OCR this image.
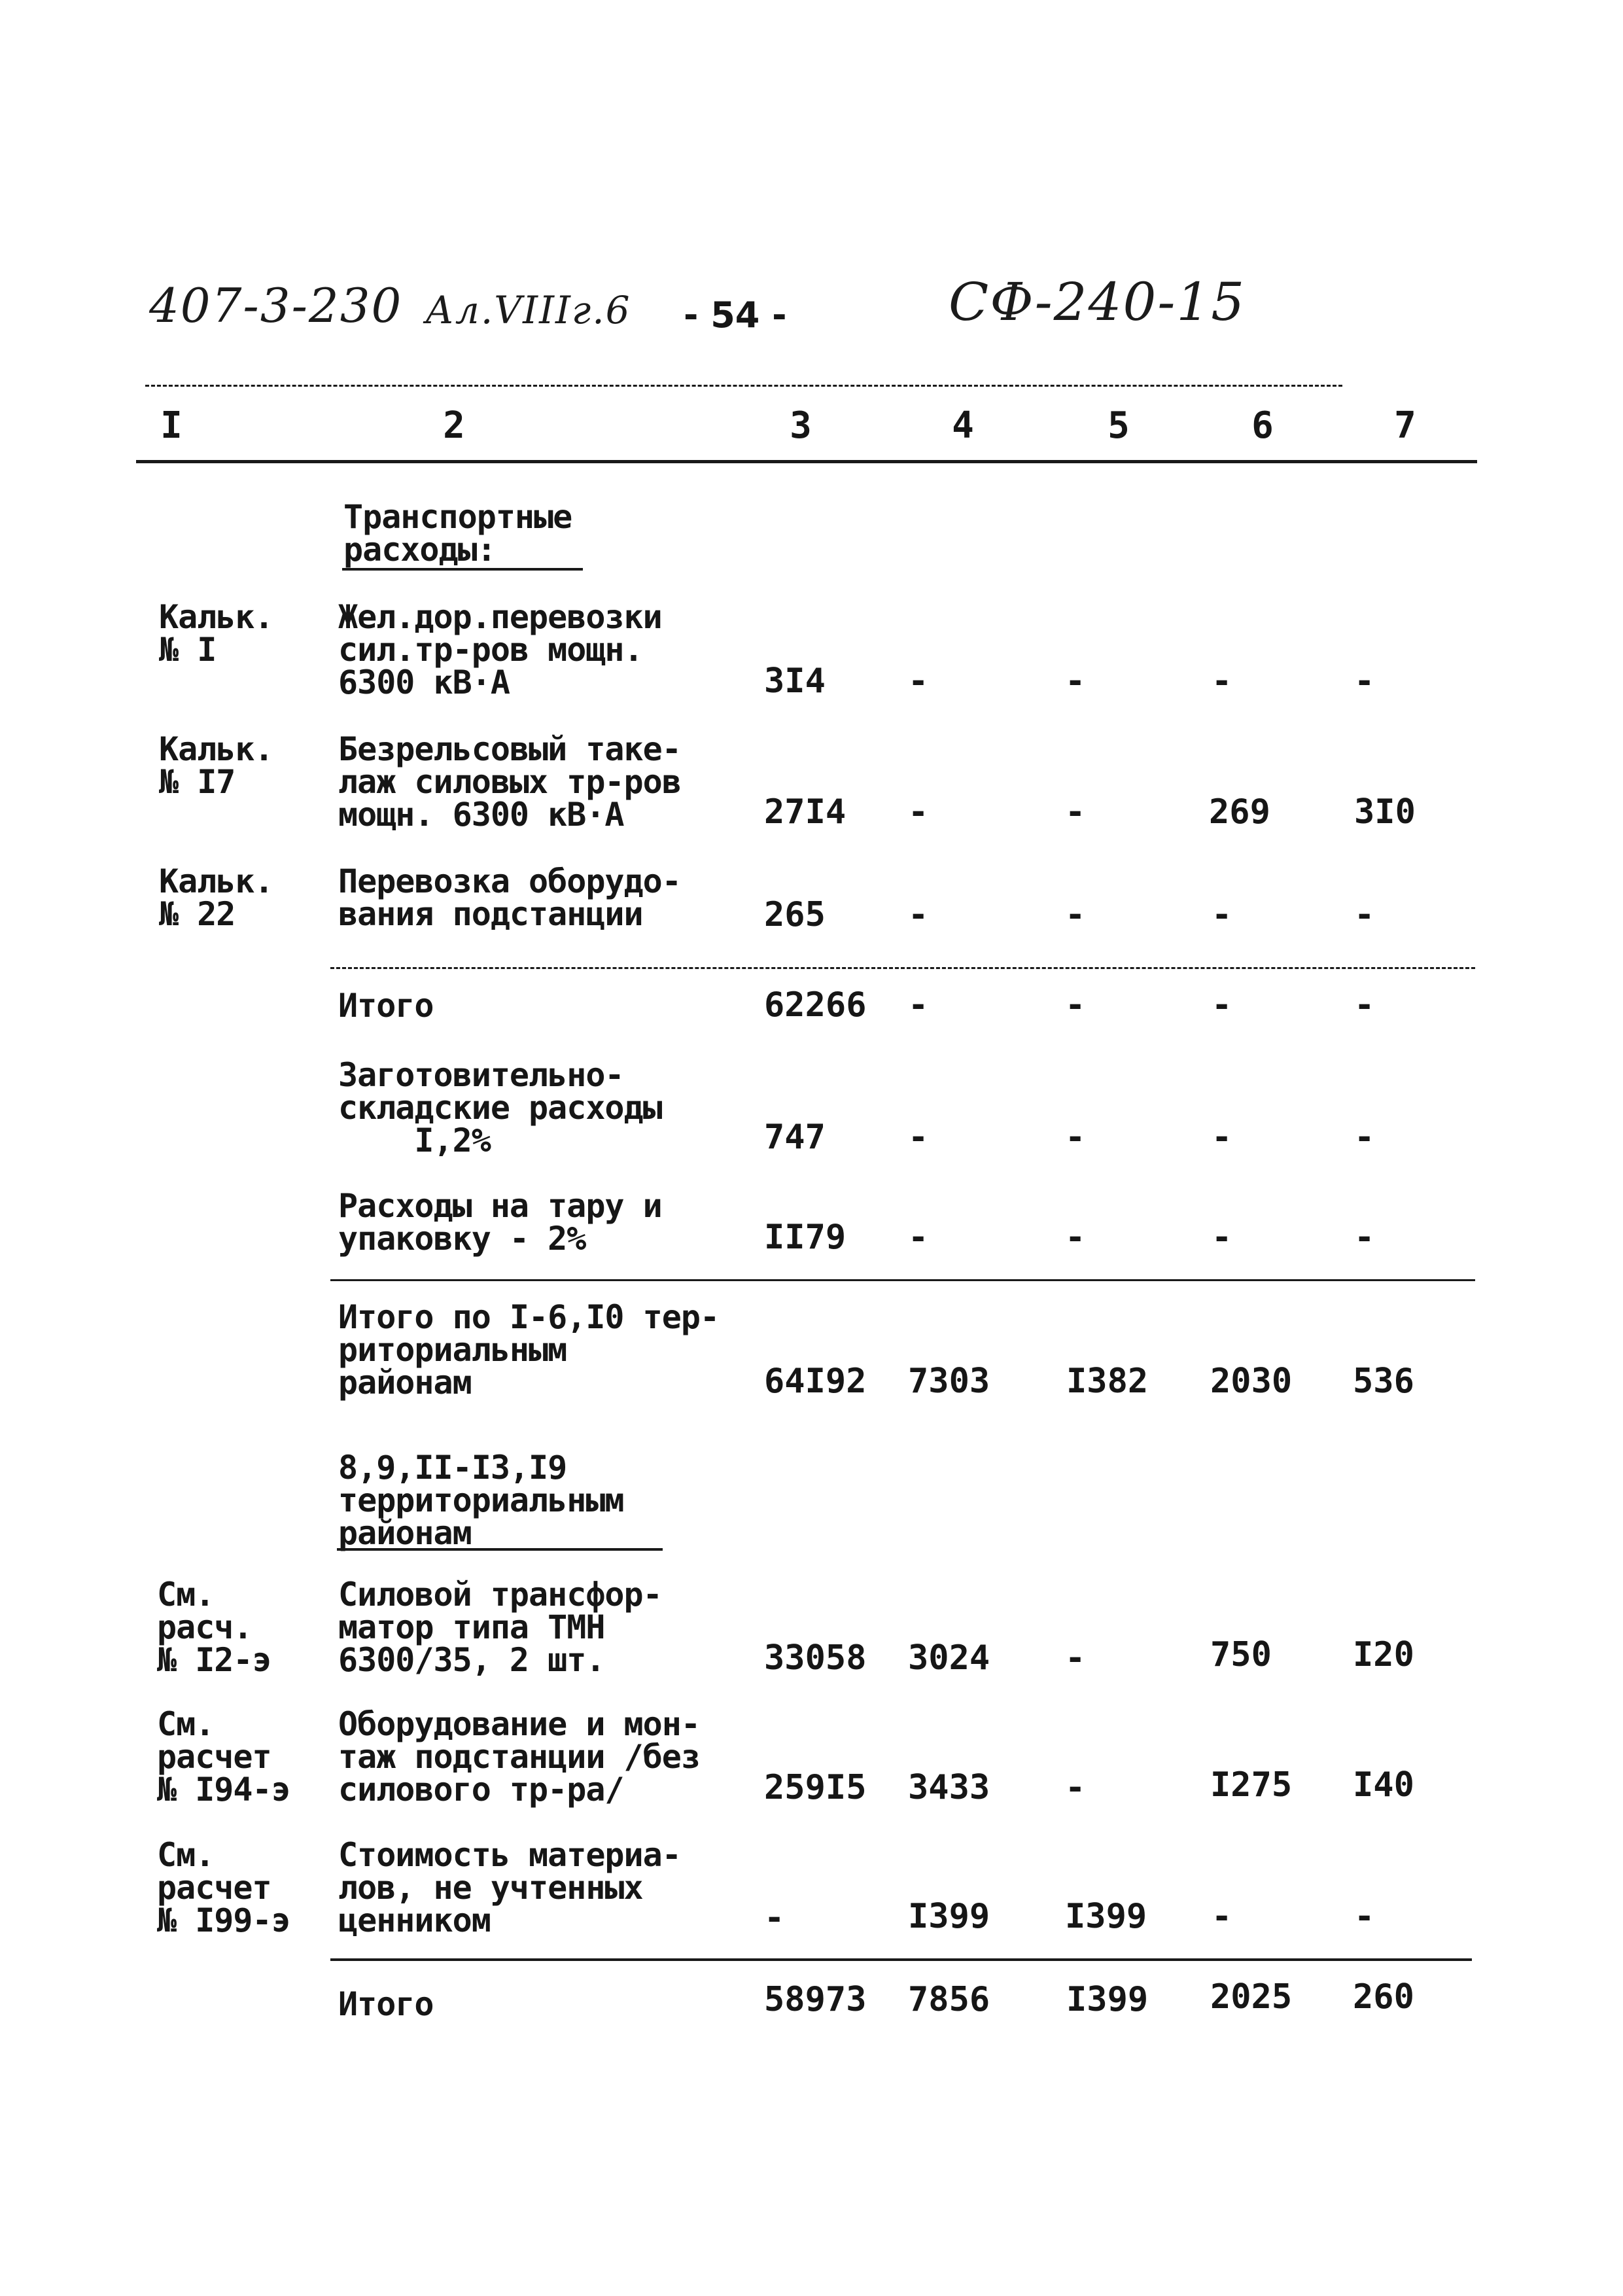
407-3-230 Ал.VIIIг.6 - 54 -	СФ-240-15
I	2	3	4	5	6	7
Транспортные
расходы:
Кальк.
№ I
Жел.дор.перевозки
сил.тр-ров мощн.
6300 кВ·А	3I4 -	-	-	-
Кальк.
№ I7
Безрельсовый таке-
лаж силовых тр-ров
мощн. 6300 кВ·А	27I4 -	-	269 3I0
Кальк.
№ 22
Перевозка оборудо-
вания подстанции	265 -	-	-	-
Итого	62266 -	-	-	-
Заготовительно-
складские расходы
I,2%	747 -	-	-	-
Расходы на тару и
упаковку - 2%	II79 -	-	-	-
Итого по I-6,I0 тер-
риториальным
районам	64I92 7303 I382 2030 536
8,9,II-I3,I9
территориальным
районам
См.
расч.
№ I2-э
Силовой трансфор-
матор типа ТМН
6300/35, 2 шт.	33058 3024 -	750 I20
См.
расчет
№ I94-э
Оборудование и мон-
таж подстанции /без
силового тр-ра/	259I5 3433 -	I275 I40
См.
расчет
№ I99-э
Стоимость материа-
лов, не учтенных
ценником	-	I399 I399 -	-
Итого	58973 7856 I399 2025 260
